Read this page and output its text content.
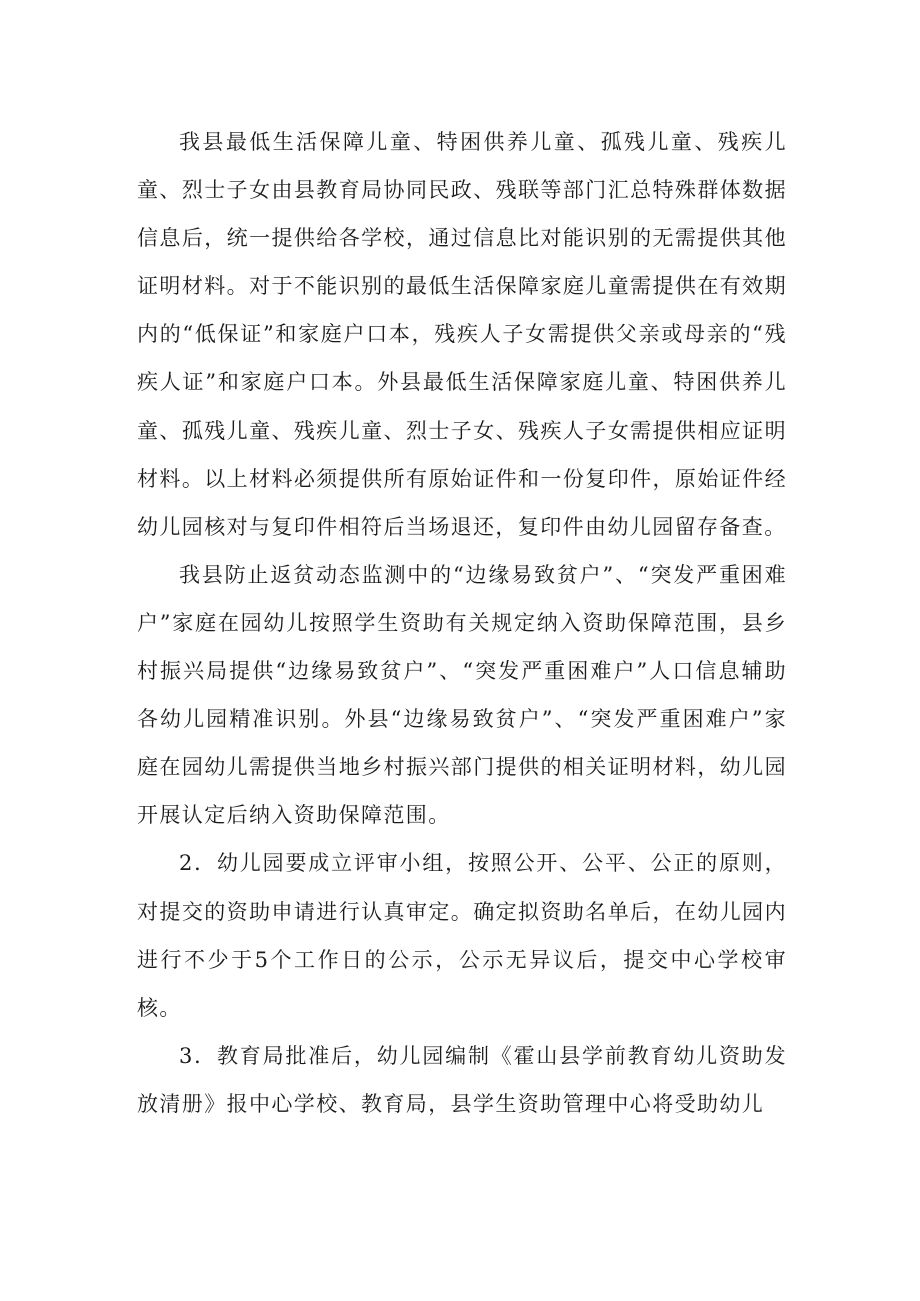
我县最低生活保障儿童、特困供养儿童、孤残儿童、残疾儿童、烈士子女由县教育局协同民政、残联等部门汇总特殊群体数据信息后，统一提供给各学校，通过信息比对能识别的无需提供其他证明材料。对于不能识别的最低生活保障家庭儿童需提供在有效期内的“低保证”和家庭户口本，残疾人子女需提供父亲或母亲的“残疾人证”和家庭户口本。外县最低生活保障家庭儿童、特困供养儿童、孤残儿童、残疾儿童、烈士子女、残疾人子女需提供相应证明材料。以上材料必须提供所有原始证件和一份复印件，原始证件经幼儿园核对与复印件相符后当场退还，复印件由幼儿园留存备查。

我县防止返贫动态监测中的“边缘易致贫户”、“突发严重困难户”家庭在园幼儿按照学生资助有关规定纳入资助保障范围，县乡村振兴局提供“边缘易致贫户”、“突发严重困难户”人口信息辅助各幼儿园精准识别。外县“边缘易致贫户”、“突发严重困难户”家庭在园幼儿需提供当地乡村振兴部门提供的相关证明材料，幼儿园开展认定后纳入资助保障范围。

2．幼儿园要成立评审小组，按照公开、公平、公正的原则，对提交的资助申请进行认真审定。确定拟资助名单后，在幼儿园内进行不少于5个工作日的公示，公示无异议后，提交中心学校审核。

3．教育局批准后，幼儿园编制《霍山县学前教育幼儿资助发放清册》报中心学校、教育局，县学生资助管理中心将受助幼儿
